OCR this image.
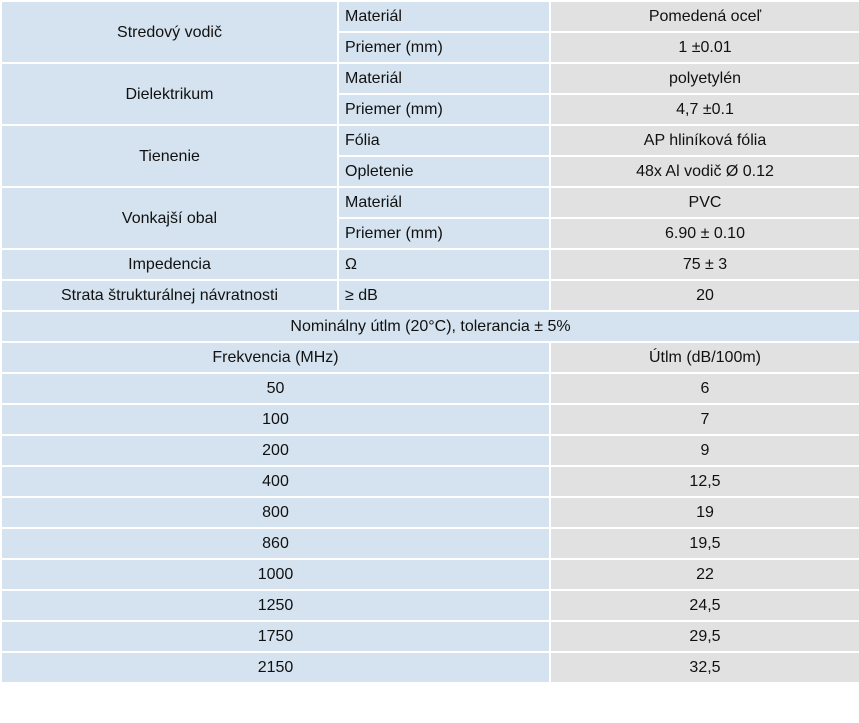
Stredový vodič	Materiál	Pomedená oceľ
	Priemer (mm)	1 ±0.01
Dielektrikum	Materiál	polyetylén
	Priemer (mm)	4,7 ±0.1
Tienenie	Fólia	AP hliníková fólia
	Opletenie	48x Al vodič Ø 0.12
Vonkajší obal	Materiál	PVC
	Priemer (mm)	6.90 ± 0.10
Impedencia	Ω	75 ± 3
Strata štrukturálnej návratnosti	≥ dB	20
Nominálny útlm (20°C), tolerancia ± 5%		
Frekvencia (MHz)		Útlm (dB/100m)
50		6
100		7
200		9
400		12,5
800		19
860		19,5
1000		22
1250		24,5
1750		29,5
2150		32,5
